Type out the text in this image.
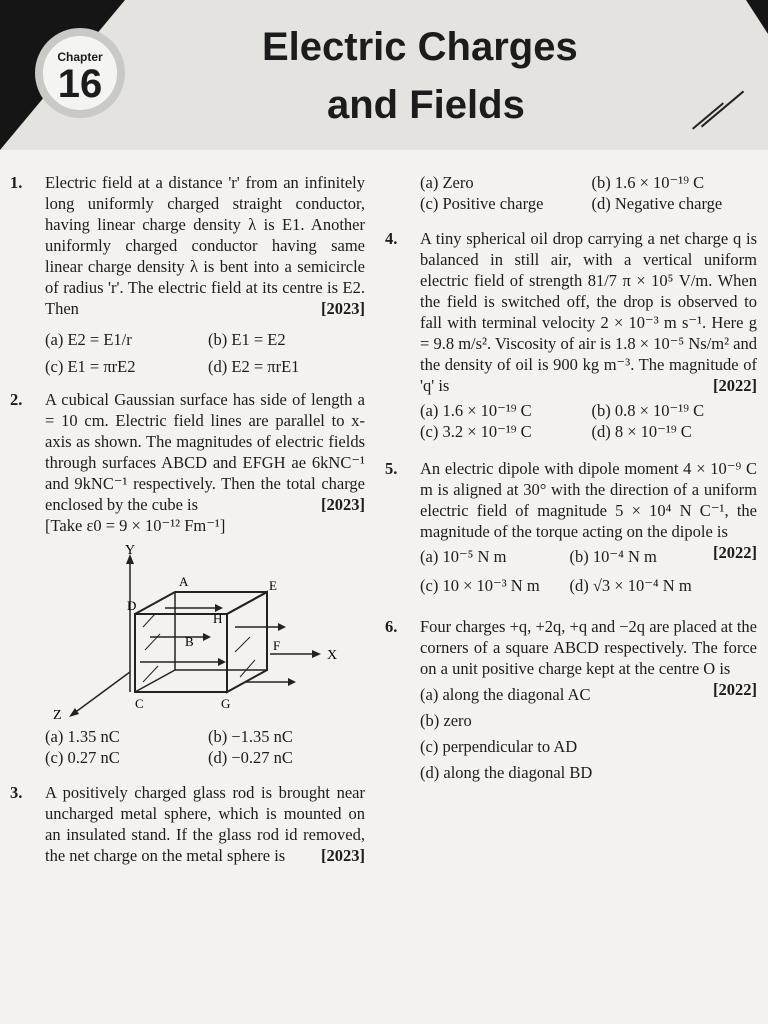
Chapter
16
Electric Charges
and Fields
1. Electric field at a distance 'r' from an infinitely long uniformly charged straight conductor, having linear charge density λ is E1. Another uniformly charged conductor having same linear charge density λ is bent into a semicircle of radius 'r'. The electric field at its centre is E2. Then	[2023]
(a) E2 = E1/r	(b) E1 = E2
(c) E1 = πrE2	(d) E2 = πrE1
2. A cubical Gaussian surface has side of length a = 10 cm. Electric field lines are parallel to x-axis as shown. The magnitudes of electric fields through surfaces ABCD and EFGH ae 6kNC⁻¹ and 9kNC⁻¹ respectively. Then the total charge enclosed by the cube is	[2023]
[Take ε0 = 9 × 10⁻¹² Fm⁻¹]
Y
X
Z
A
B
C
D
E
F
G
H
(a) 1.35 nC	(b) −1.35 nC
(c) 0.27 nC	(d) −0.27 nC
3. A positively charged glass rod is brought near uncharged metal sphere, which is mounted on an insulated stand. If the glass rod id removed, the net charge on the metal sphere is [2023]
(a) Zero	(b) 1.6 × 10⁻¹⁹ C
(c) Positive charge	(d) Negative charge
4. A tiny spherical oil drop carrying a net charge q is balanced in still air, with a vertical uniform electric field of strength 81/7 π × 10⁵ V/m. When the field is switched off, the drop is observed to fall with terminal velocity 2 × 10⁻³ m s⁻¹. Here g = 9.8 m/s². Viscosity of air is 1.8 × 10⁻⁵ Ns/m² and the density of oil is 900 kg m⁻³. The magnitude of 'q' is	[2022]
(a) 1.6 × 10⁻¹⁹ C	(b) 0.8 × 10⁻¹⁹ C
(c) 3.2 × 10⁻¹⁹ C	(d) 8 × 10⁻¹⁹ C
5. An electric dipole with dipole moment 4 × 10⁻⁹ C m is aligned at 30° with the direction of a uniform electric field of magnitude 5 × 10⁴ N C⁻¹, the magnitude of the torque acting on the dipole is
[2022]
(a) 10⁻⁵ N m	(b) 10⁻⁴ N m
(c) 10 × 10⁻³ N m	(d) √3 × 10⁻⁴ N m
6. Four charges +q, +2q, +q and −2q are placed at the corners of a square ABCD respectively. The force on a unit positive charge kept at the centre O is
[2022]
(a) along the diagonal AC
(b) zero
(c) perpendicular to AD
(d) along the diagonal BD
